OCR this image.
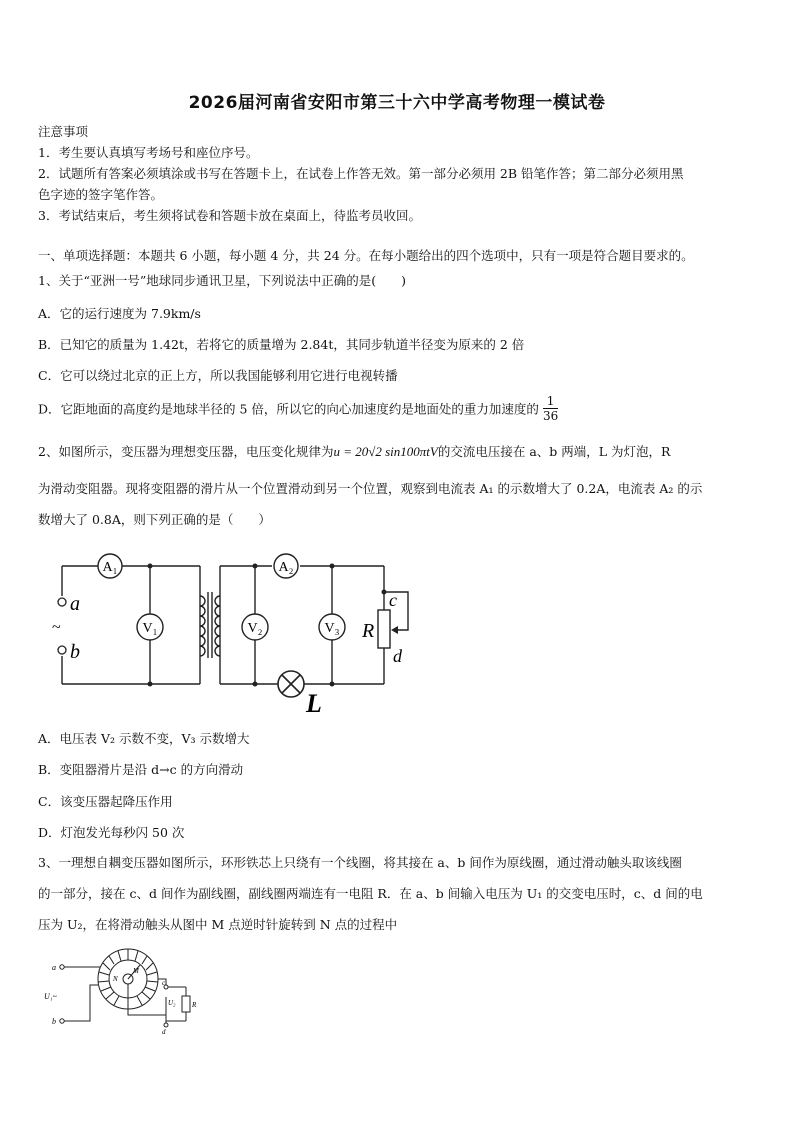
2026届河南省安阳市第三十六中学高考物理一模试卷
注意事项
1．考生要认真填写考场号和座位序号。
2．试题所有答案必须填涂或书写在答题卡上，在试卷上作答无效。第一部分必须用 2B 铅笔作答；第二部分必须用黑
色字迹的签字笔作答。
3．考试结束后，考生须将试卷和答题卡放在桌面上，待监考员收回。
一、单项选择题：本题共 6 小题，每小题 4 分，共 24 分。在每小题给出的四个选项中，只有一项是符合题目要求的。
1、关于“亚洲一号”地球同步通讯卫星，下列说法中正确的是(　　)
A．它的运行速度为 7.9km/s
B．已知它的质量为 1.42t，若将它的质量增为 2.84t，其同步轨道半径变为原来的 2 倍
C．它可以绕过北京的正上方，所以我国能够利用它进行电视转播
D．它距地面的高度约是地球半径的 5 倍，所以它的向心加速度约是地面处的重力加速度的 $\frac{1}{36}$
2、如图所示，变压器为理想变压器，电压变化规律为u = 20√2 sin100πtV的交流电压接在 a、b 两端，L 为灯泡，R
为滑动变阻器。现将变阻器的滑片从一个位置滑动到另一个位置，观察到电流表 A₁ 的示数增大了 0.2A，电流表 A₂ 的示
数增大了 0.8A，则下列正确的是（　　）
a
~
b
A₁
V₁
A₂
V₂	V₃ R
c
d
L
A．电压表 V₂ 示数不变，V₃ 示数增大
B．变阻器滑片是沿 d→c 的方向滑动
C．该变压器起降压作用
D．灯泡发光每秒闪 50 次
3、一理想自耦变压器如图所示，环形铁芯上只绕有一个线圈，将其接在 a、b 间作为原线圈，通过滑动触头取该线圈
的一部分，接在 c、d 间作为副线圈，副线圈两端连有一电阻 R．在 a、b 间输入电压为 U₁ 的交变电压时，c、d 间的电
压为 U₂，在将滑动触头从图中 M 点逆时针旋转到 N 点的过程中
a
b
U₁~
U₂
c
d
R
M
N
